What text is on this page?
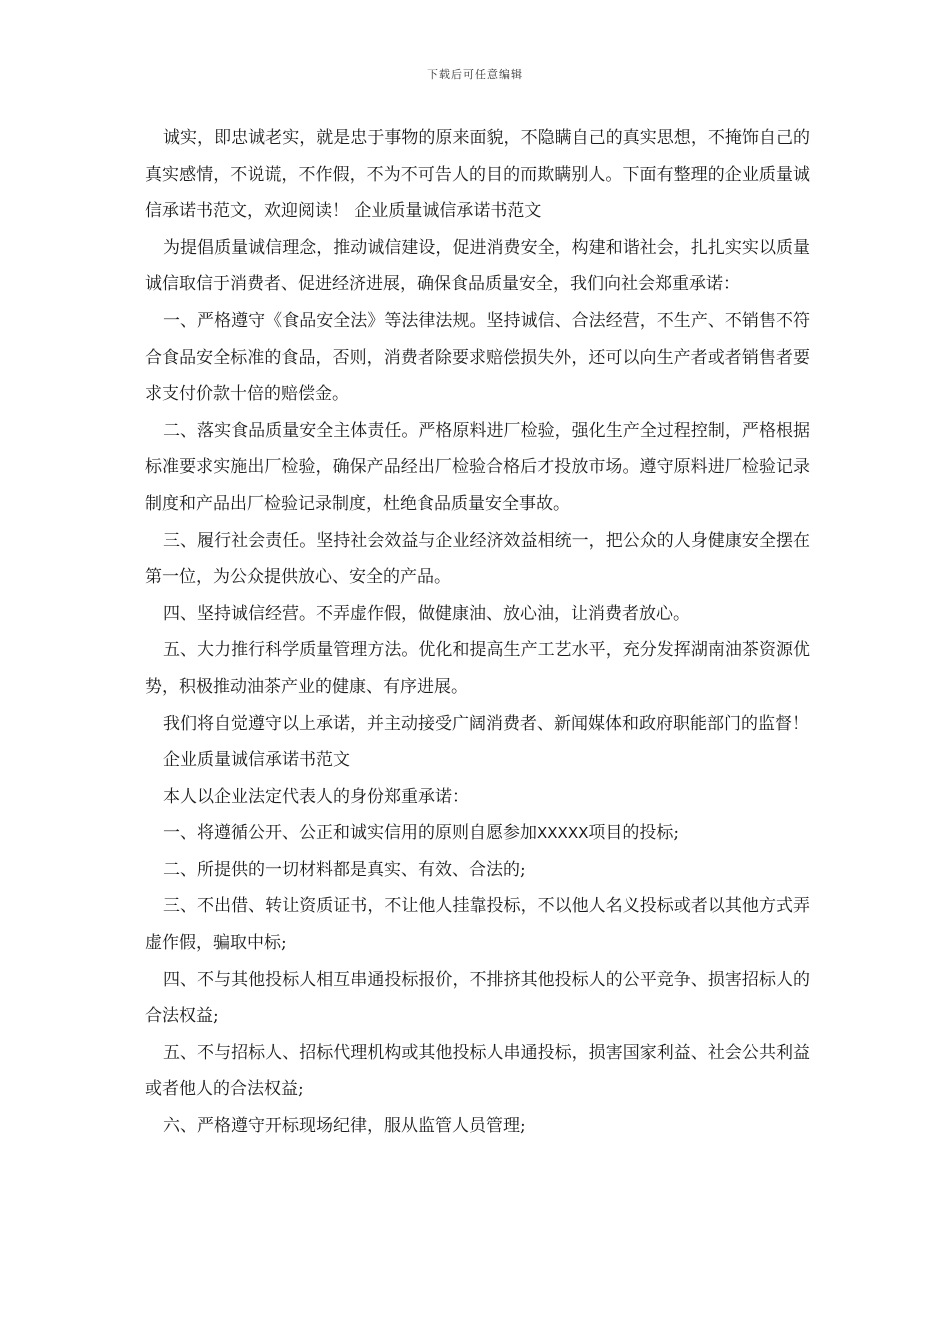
下载后可任意编辑

诚实，即忠诚老实，就是忠于事物的原来面貌，不隐瞒自己的真实思想，不掩饰自己的真实感情，不说谎，不作假，不为不可告人的目的而欺瞒别人。下面有整理的企业质量诚信承诺书范文，欢迎阅读！ 企业质量诚信承诺书范文

为提倡质量诚信理念，推动诚信建设，促进消费安全，构建和谐社会，扎扎实实以质量诚信取信于消费者、促进经济进展，确保食品质量安全，我们向社会郑重承诺：

一、严格遵守《食品安全法》等法律法规。坚持诚信、合法经营，不生产、不销售不符合食品安全标准的食品，否则，消费者除要求赔偿损失外，还可以向生产者或者销售者要求支付价款十倍的赔偿金。

二、落实食品质量安全主体责任。严格原料进厂检验，强化生产全过程控制，严格根据标准要求实施出厂检验，确保产品经出厂检验合格后才投放市场。遵守原料进厂检验记录制度和产品出厂检验记录制度，杜绝食品质量安全事故。

三、履行社会责任。坚持社会效益与企业经济效益相统一，把公众的人身健康安全摆在第一位，为公众提供放心、安全的产品。

四、坚持诚信经营。不弄虚作假，做健康油、放心油，让消费者放心。

五、大力推行科学质量管理方法。优化和提高生产工艺水平，充分发挥湖南油茶资源优势，积极推动油茶产业的健康、有序进展。

我们将自觉遵守以上承诺，并主动接受广阔消费者、新闻媒体和政府职能部门的监督！

企业质量诚信承诺书范文

本人以企业法定代表人的身份郑重承诺：

一、将遵循公开、公正和诚实信用的原则自愿参加XXXXX项目的投标;

二、所提供的一切材料都是真实、有效、合法的;

三、不出借、转让资质证书，不让他人挂靠投标，不以他人名义投标或者以其他方式弄虚作假，骗取中标;

四、不与其他投标人相互串通投标报价，不排挤其他投标人的公平竞争、损害招标人的合法权益;

五、不与招标人、招标代理机构或其他投标人串通投标，损害国家利益、社会公共利益或者他人的合法权益;

六、严格遵守开标现场纪律，服从监管人员管理;
